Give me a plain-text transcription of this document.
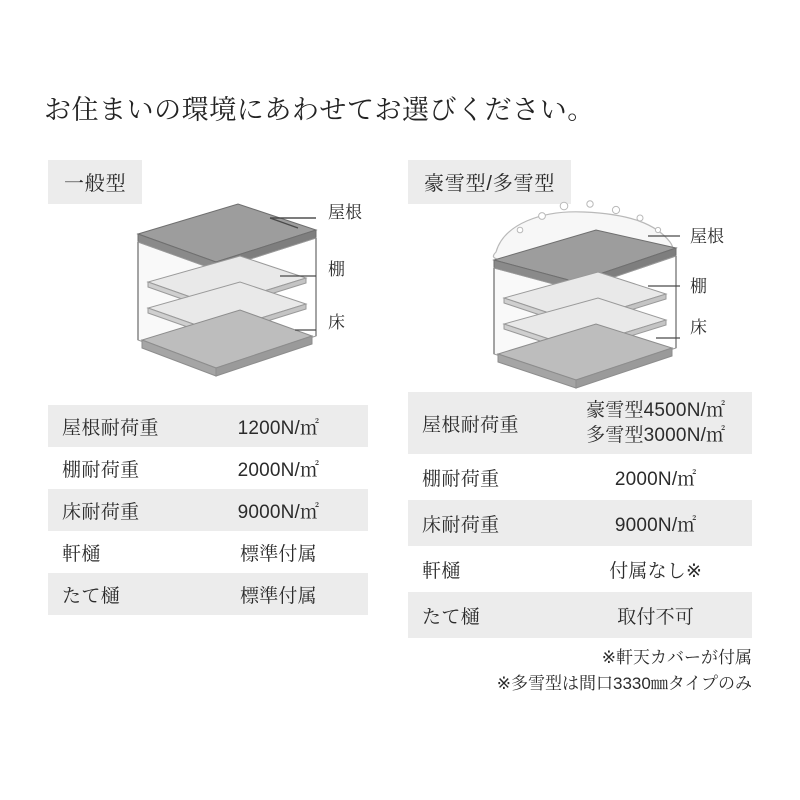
お住まいの環境にあわせてお選びください。
一般型
屋根
棚
床
屋根耐荷重	1200N/㎡
棚耐荷重	2000N/㎡
床耐荷重	9000N/㎡
軒樋	標準付属
たて樋	標準付属
豪雪型/多雪型
屋根
棚
床
屋根耐荷重	豪雪型4500N/㎡
多雪型3000N/㎡

棚耐荷重	2000N/㎡
床耐荷重	9000N/㎡
軒樋	付属なし※
たて樋	取付不可
※軒天カバーが付属
※多雪型は間口3330㎜タイプのみ
